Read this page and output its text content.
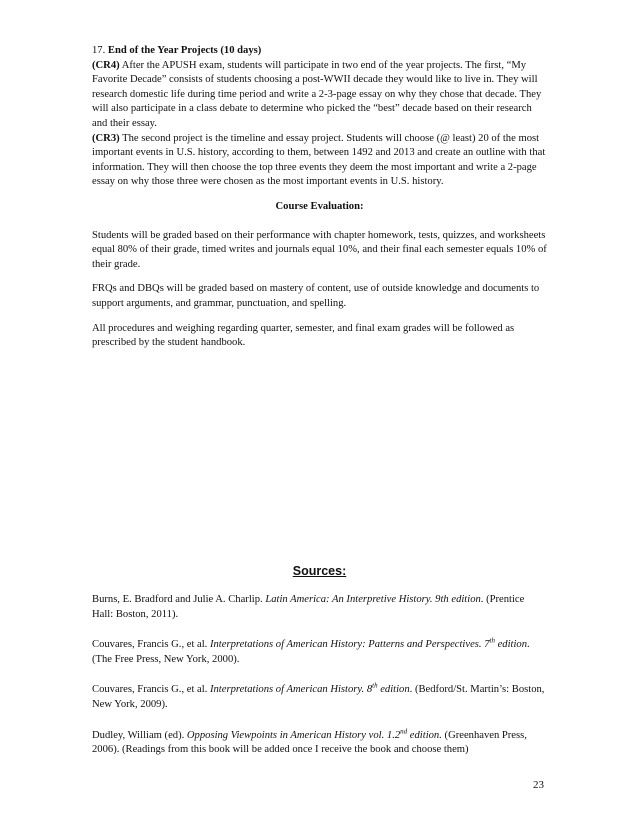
17. End of the Year Projects (10 days)
(CR4) After the APUSH exam, students will participate in two end of the year projects. The first, “My Favorite Decade” consists of students choosing a post-WWII decade they would like to live in. They will research domestic life during time period and write a 2-3-page essay on why they chose that decade. They will also participate in a class debate to determine who picked the “best” decade based on their research and their essay.
(CR3) The second project is the timeline and essay project. Students will choose (@ least) 20 of the most important events in U.S. history, according to them, between 1492 and 2013 and create an outline with that information. They will then choose the top three events they deem the most important and write a 2-page essay on why those three were chosen as the most important events in U.S. history.

Course Evaluation:

Students will be graded based on their performance with chapter homework, tests, quizzes, and worksheets equal 80% of their grade, timed writes and journals equal 10%, and their final each semester equals 10% of their grade.

FRQs and DBQs will be graded based on mastery of content, use of outside knowledge and documents to support arguments, and grammar, punctuation, and spelling.

All procedures and weighing regarding quarter, semester, and final exam grades will be followed as prescribed by the student handbook.

Sources:

Burns, E. Bradford and Julie A. Charlip. Latin America: An Interpretive History. 9th edition. (Prentice Hall: Boston, 2011).

Couvares, Francis G., et al. Interpretations of American History: Patterns and Perspectives. 7th edition. (The Free Press, New York, 2000).

Couvares, Francis G., et al. Interpretations of American History. 8th edition. (Bedford/St. Martin’s: Boston, New York, 2009).

Dudley, William (ed). Opposing Viewpoints in American History vol. 1.2nd edition. (Greenhaven Press, 2006). (Readings from this book will be added once I receive the book and choose them)

23
